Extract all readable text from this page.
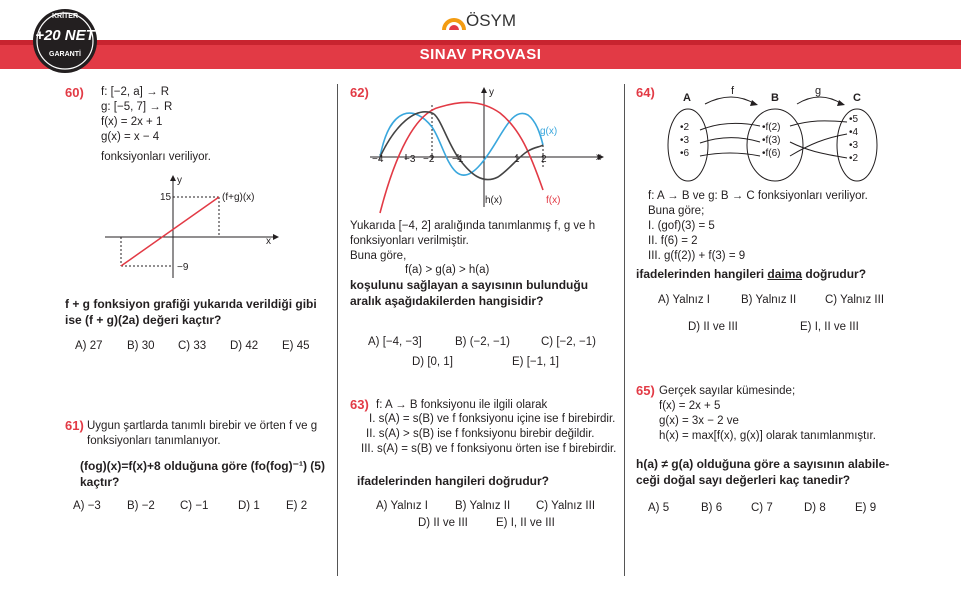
SINAV PROVASI
ÖSYM
KRİTER
+20 NET
GARANTİ
60) f: [−2, a] → R
g: [−5, 7] → R
f(x) = 2x + 1
g(x) = x − 4
fonksiyonları veriliyor.
15
−9
(f+g)(x)
x
y
f + g fonksiyon grafiği yukarıda verildiği gibi
ise (f + g)(2a) değeri kaçtır?
A) 27 B) 30 C) 33 D) 42 E) 45
61) Uygun şartlarda tanımlı birebir ve örten f ve g
fonksiyonları tanımlanıyor.
(fog)(x)=f(x)+8 olduğuna göre (fo(fog)⁻¹) (5)
kaçtır?
A) −3 B) −2 C) −1	D) 1 E) 2
62)
−4 −3 −2 −1	1 2
g(x)
f(x)
h(x)
x
y
Yukarıda [−4, 2] aralığında tanımlanmış f, g ve h
fonksiyonları verilmiştir.
Buna göre,
f(a) > g(a) > h(a)
koşulunu sağlayan a sayısının bulunduğu
aralık aşağıdakilerden hangisidir?
A) [−4, −3]	B) (−2, −1)	C) [−2, −1)
D) [0, 1]	E) [−1, 1]
63) f: A → B fonksiyonu ile ilgili olarak
I. s(A) = s(B) ve f fonksiyonu içine ise f birebirdir.
II. s(A) > s(B) ise f fonksiyonu birebir değildir.
III. s(A) = s(B) ve f fonksiyonu örten ise f birebirdir.
ifadelerinden hangileri doğrudur?
A) Yalnız I B) Yalnız II C) Yalnız III
D) II ve III E) I, II ve III
64)	A	B	C
f	g
•2
•3
•6
•f(2)
•f(3)
•f(6)
•5
•4
•3
•2
f: A → B ve g: B → C fonksiyonları veriliyor.
Buna göre;
I. (gof)(3) = 5
II. f(6) = 2
III. g(f(2)) + f(3) = 9
ifadelerinden hangileri daima doğrudur?
A) Yalnız I	B) Yalnız II	C) Yalnız III
D) II ve III	E) I, II ve III
65) Gerçek sayılar kümesinde;
f(x) = 2x + 5
g(x) = 3x − 2 ve
h(x) = max[f(x), g(x)] olarak tanımlanmıştır.
h(a) ≠ g(a) olduğuna göre a sayısının alabile-
ceği doğal sayı değerleri kaç tanedir?
A) 5	B) 6	C) 7	D) 8	E) 9
